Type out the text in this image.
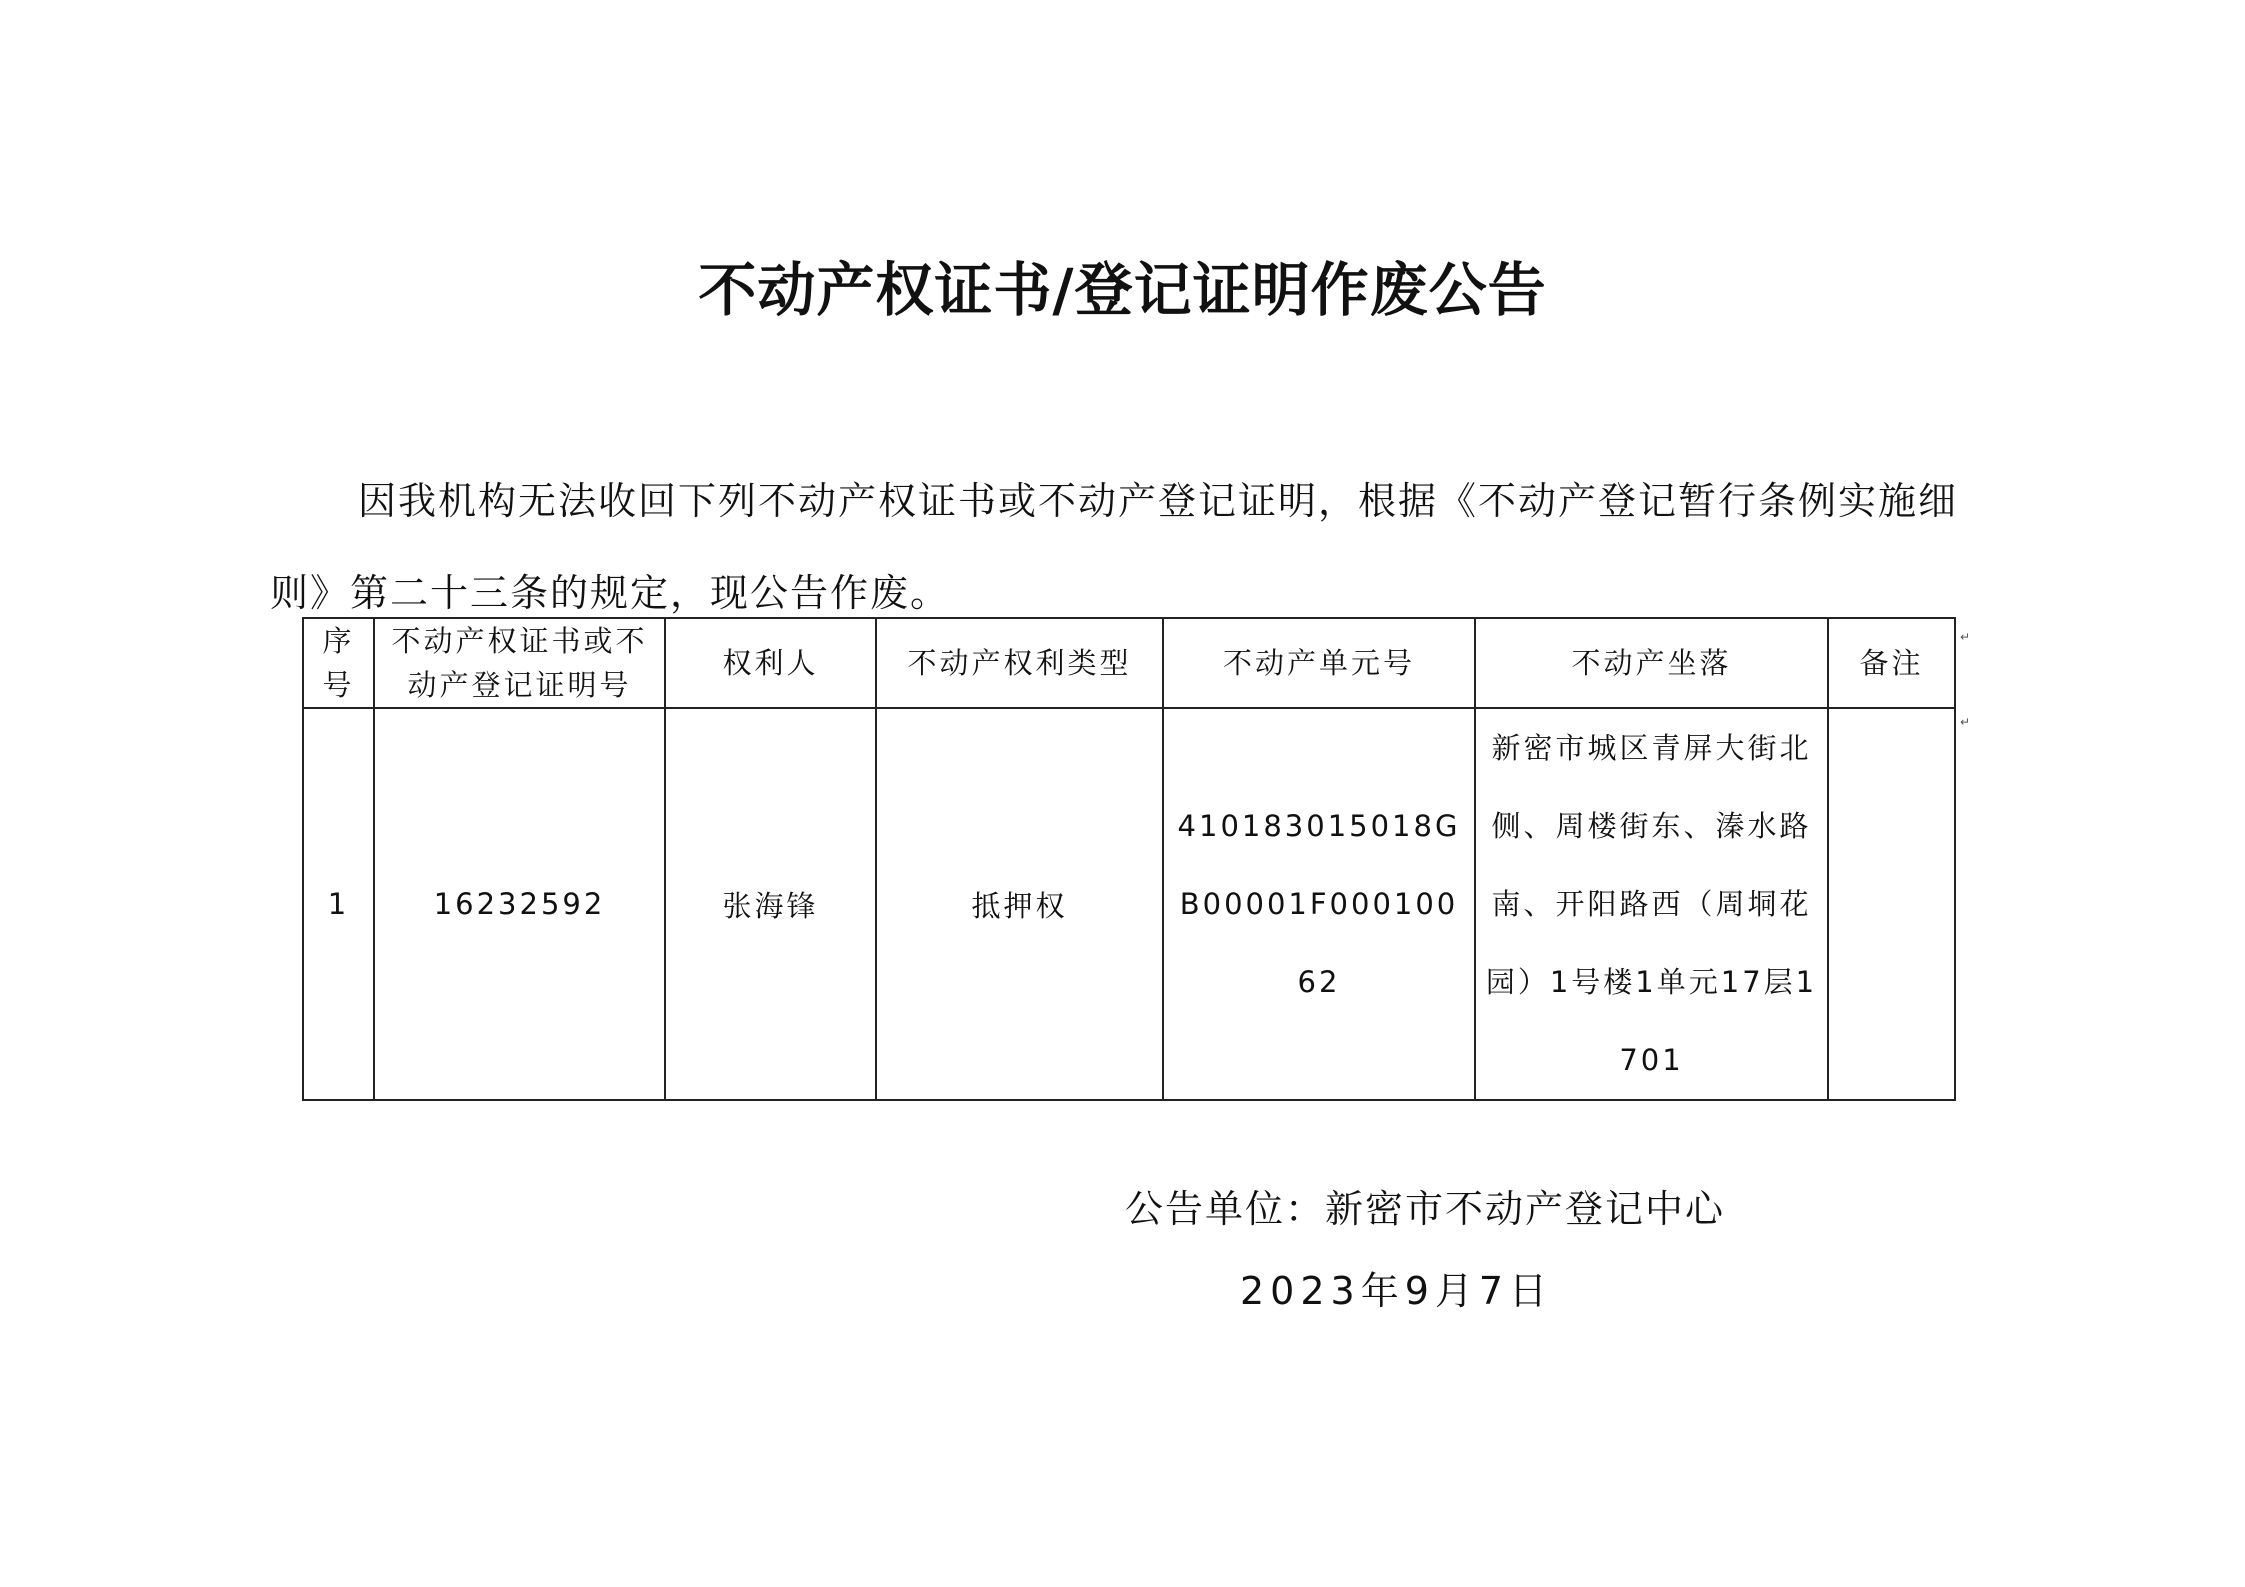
不动产权证书/登记证明作废公告
因我机构无法收回下列不动产权证书或不动产登记证明，根据《不动产登记暂行条例实施细则》第二十三条的规定，现公告作废。
序号	不动产权证书或不动产登记证明号	权利人	不动产权利类型	不动产单元号	不动产坐落	备注
1	16232592	张海锋	抵押权	410183015018GB00001F00010062	新密市城区青屏大街北侧、周楼街东、溱水路南、开阳路西（周垌花园）1号楼1单元17层1701	
↵
↵
公告单位：新密市不动产登记中心
2023年9月7日
